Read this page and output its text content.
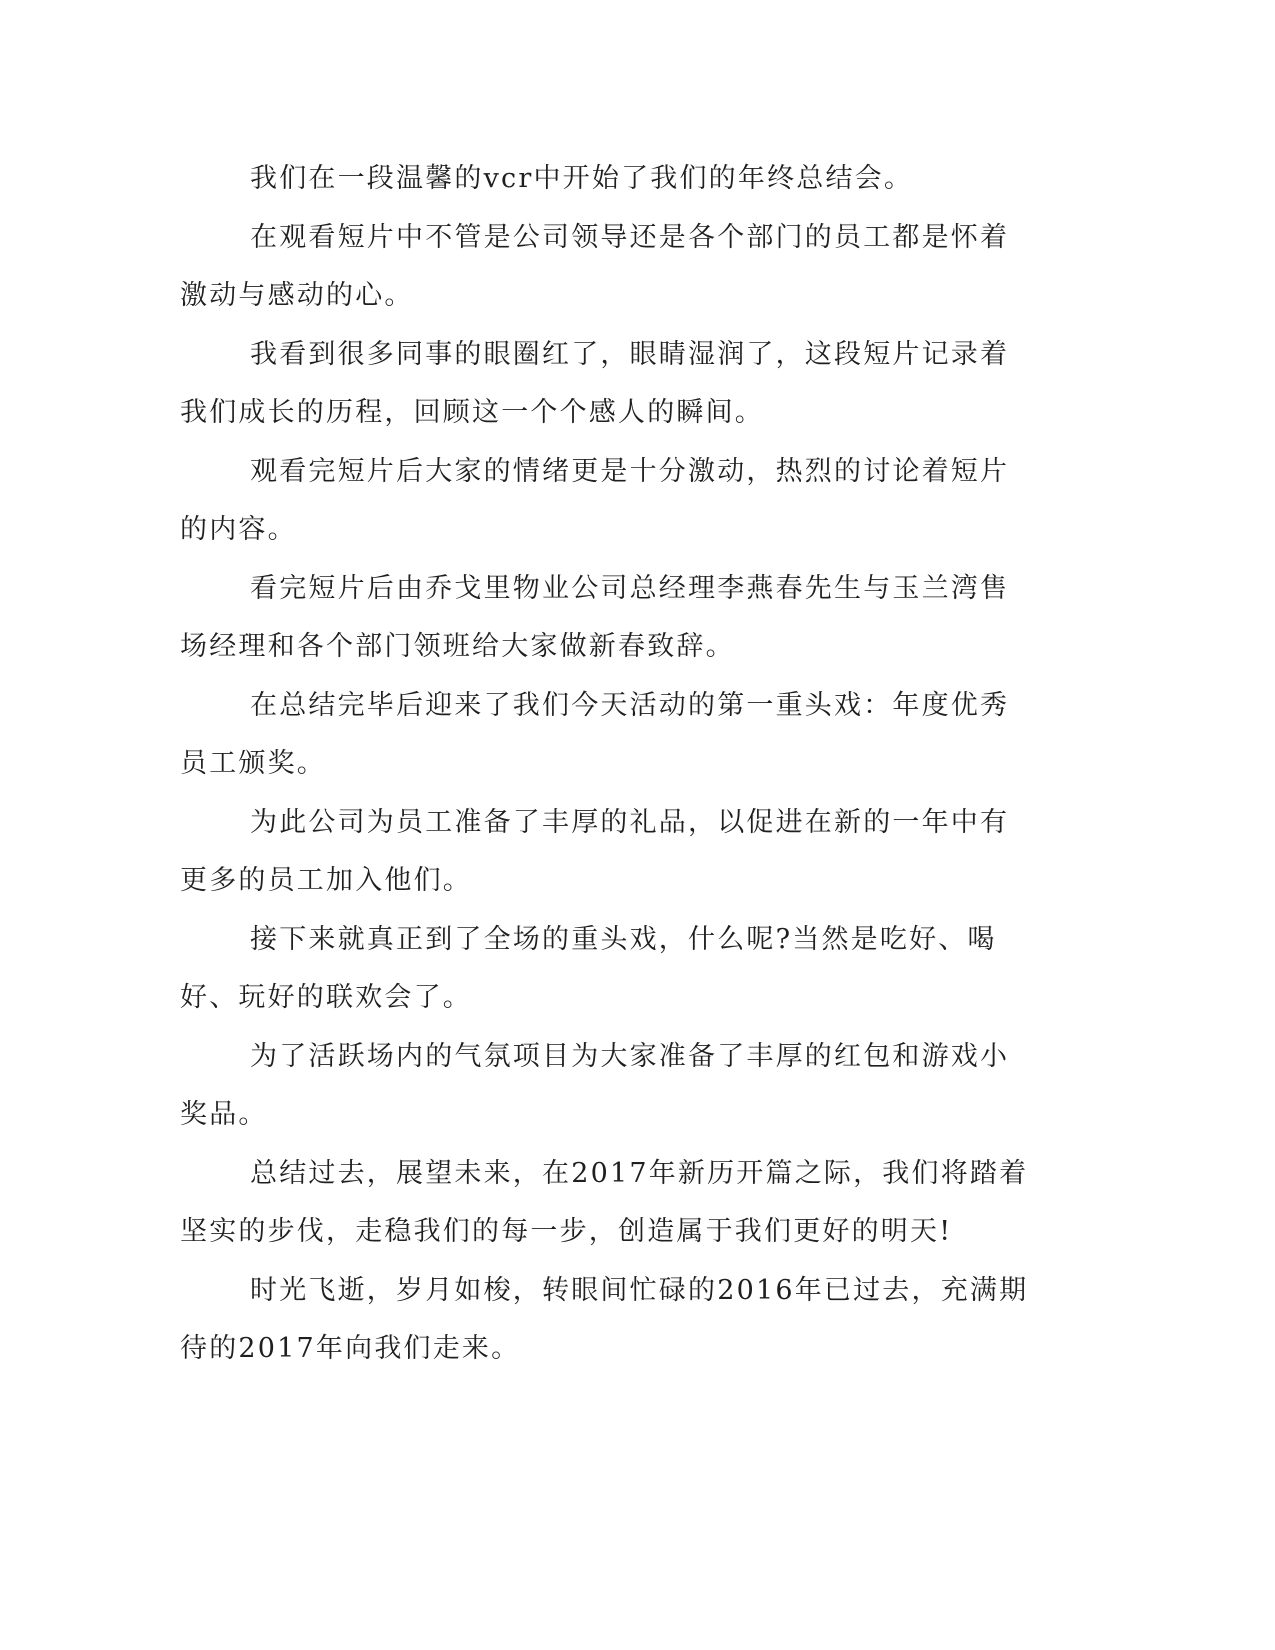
我们在一段温馨的vcr中开始了我们的年终总结会。

在观看短片中不管是公司领导还是各个部门的员工都是怀着激动与感动的心。

我看到很多同事的眼圈红了，眼睛湿润了，这段短片记录着我们成长的历程，回顾这一个个感人的瞬间。

观看完短片后大家的情绪更是十分激动，热烈的讨论着短片的内容。

看完短片后由乔戈里物业公司总经理李燕春先生与玉兰湾售场经理和各个部门领班给大家做新春致辞。

在总结完毕后迎来了我们今天活动的第一重头戏：年度优秀员工颁奖。

为此公司为员工准备了丰厚的礼品，以促进在新的一年中有更多的员工加入他们。

接下来就真正到了全场的重头戏，什么呢?当然是吃好、喝好、玩好的联欢会了。

为了活跃场内的气氛项目为大家准备了丰厚的红包和游戏小奖品。

总结过去，展望未来，在2017年新历开篇之际，我们将踏着坚实的步伐，走稳我们的每一步，创造属于我们更好的明天!

时光飞逝，岁月如梭，转眼间忙碌的2016年已过去，充满期待的2017年向我们走来。
